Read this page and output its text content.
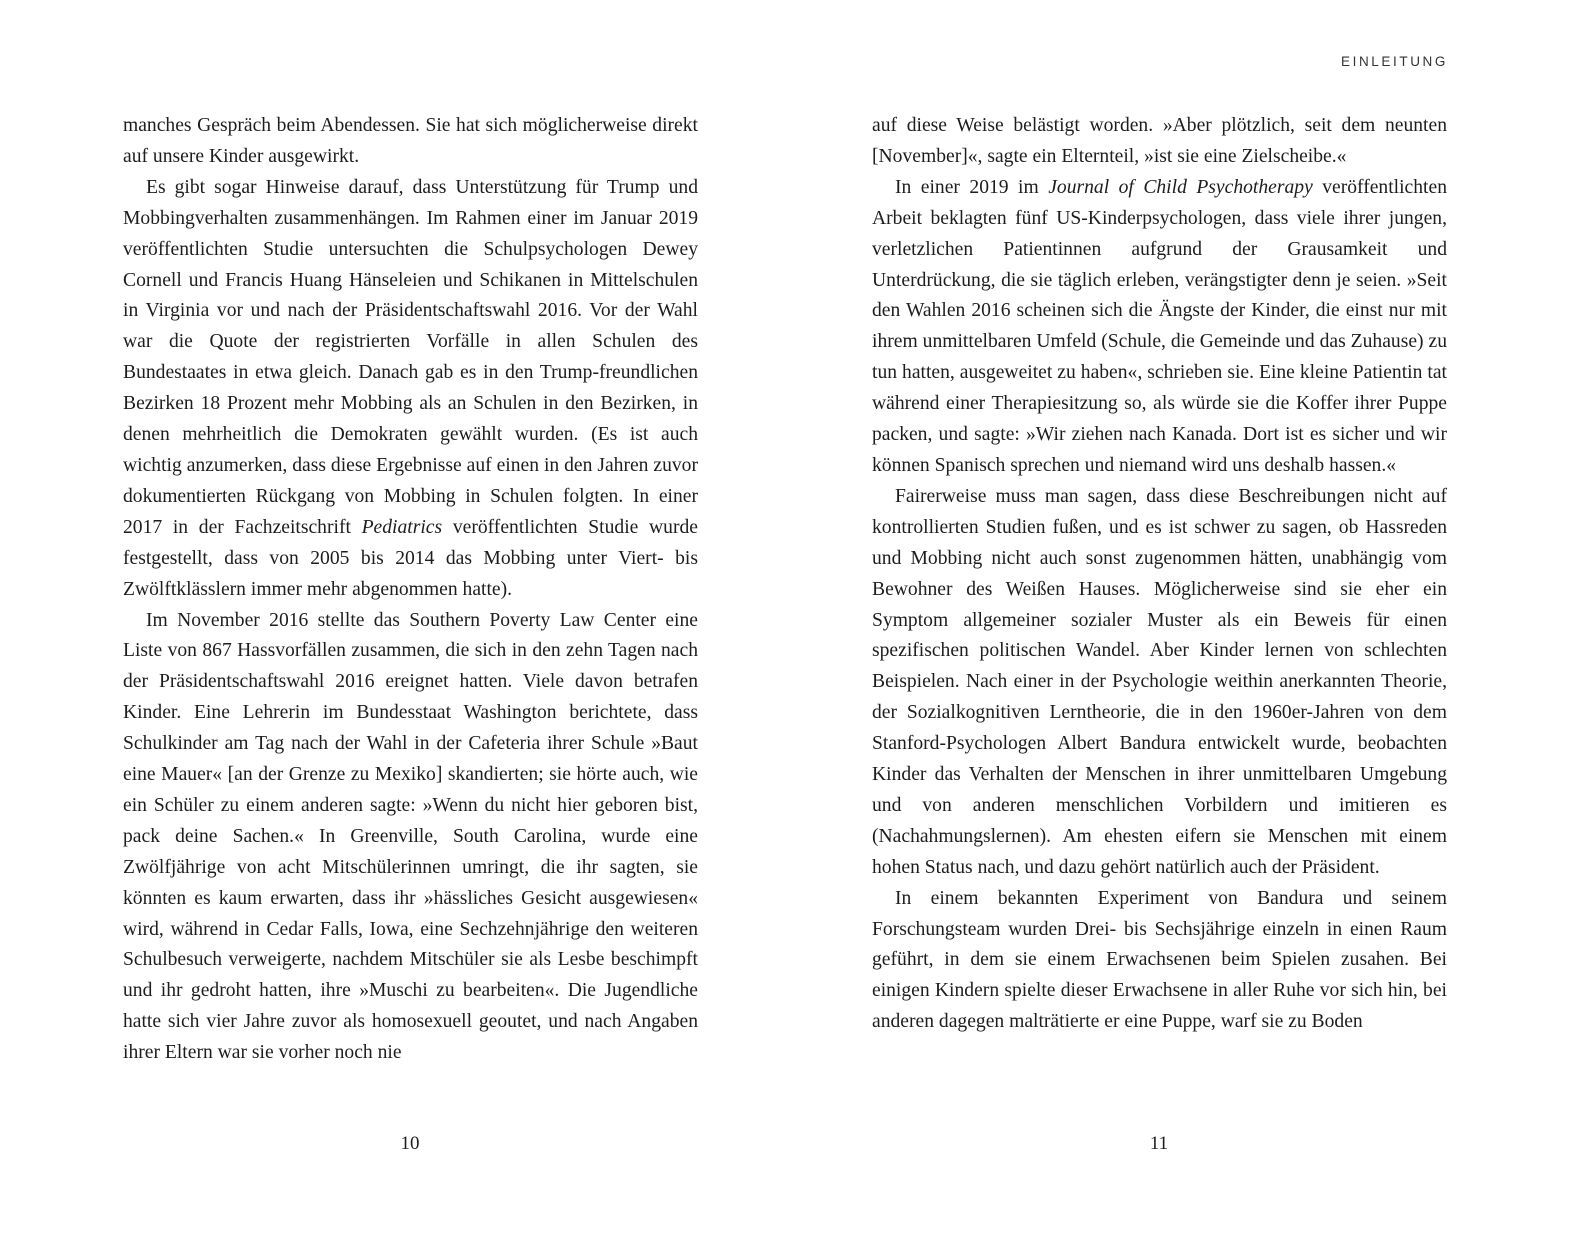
manches Gespräch beim Abendessen. Sie hat sich möglicherweise direkt auf unsere Kinder ausgewirkt.

Es gibt sogar Hinweise darauf, dass Unterstützung für Trump und Mobbingverhalten zusammenhängen. Im Rahmen einer im Januar 2019 veröffentlichten Studie untersuchten die Schulpsychologen Dewey Cornell und Francis Huang Hänseleien und Schikanen in Mittelschulen in Virginia vor und nach der Präsidentschaftswahl 2016. Vor der Wahl war die Quote der registrierten Vorfälle in allen Schulen des Bundestaates in etwa gleich. Danach gab es in den Trump-freundlichen Bezirken 18 Prozent mehr Mobbing als an Schulen in den Bezirken, in denen mehrheitlich die Demokraten gewählt wurden. (Es ist auch wichtig anzumerken, dass diese Ergebnisse auf einen in den Jahren zuvor dokumentierten Rückgang von Mobbing in Schulen folgten. In einer 2017 in der Fachzeitschrift Pediatrics veröffentlichten Studie wurde festgestellt, dass von 2005 bis 2014 das Mobbing unter Viert- bis Zwölftklässlern immer mehr abgenommen hatte).

Im November 2016 stellte das Southern Poverty Law Center eine Liste von 867 Hassvorfällen zusammen, die sich in den zehn Tagen nach der Präsidentschaftswahl 2016 ereignet hatten. Viele davon betrafen Kinder. Eine Lehrerin im Bundesstaat Washington berichtete, dass Schulkinder am Tag nach der Wahl in der Cafeteria ihrer Schule »Baut eine Mauer« [an der Grenze zu Mexiko] skandierten; sie hörte auch, wie ein Schüler zu einem anderen sagte: »Wenn du nicht hier geboren bist, pack deine Sachen.« In Greenville, South Carolina, wurde eine Zwölfjährige von acht Mitschülerinnen umringt, die ihr sagten, sie könnten es kaum erwarten, dass ihr »hässliches Gesicht ausgewiesen« wird, während in Cedar Falls, Iowa, eine Sechzehnjährige den weiteren Schulbesuch verweigerte, nachdem Mitschüler sie als Lesbe beschimpft und ihr gedroht hatten, ihre »Muschi zu bearbeiten«. Die Jugendliche hatte sich vier Jahre zuvor als homosexuell geoutet, und nach Angaben ihrer Eltern war sie vorher noch nie

10
EINLEITUNG

auf diese Weise belästigt worden. »Aber plötzlich, seit dem neunten [November]«, sagte ein Elternteil, »ist sie eine Zielscheibe.«

In einer 2019 im Journal of Child Psychotherapy veröffentlichten Arbeit beklagten fünf US-Kinderpsychologen, dass viele ihrer jungen, verletzlichen Patientinnen aufgrund der Grausamkeit und Unterdrückung, die sie täglich erleben, verängstigter denn je seien. »Seit den Wahlen 2016 scheinen sich die Ängste der Kinder, die einst nur mit ihrem unmittelbaren Umfeld (Schule, die Gemeinde und das Zuhause) zu tun hatten, ausgeweitet zu haben«, schrieben sie. Eine kleine Patientin tat während einer Therapiesitzung so, als würde sie die Koffer ihrer Puppe packen, und sagte: »Wir ziehen nach Kanada. Dort ist es sicher und wir können Spanisch sprechen und niemand wird uns deshalb hassen.«

Fairerweise muss man sagen, dass diese Beschreibungen nicht auf kontrollierten Studien fußen, und es ist schwer zu sagen, ob Hassreden und Mobbing nicht auch sonst zugenommen hätten, unabhängig vom Bewohner des Weißen Hauses. Möglicherweise sind sie eher ein Symptom allgemeiner sozialer Muster als ein Beweis für einen spezifischen politischen Wandel. Aber Kinder lernen von schlechten Beispielen. Nach einer in der Psychologie weithin anerkannten Theorie, der Sozialkognitiven Lerntheorie, die in den 1960er-Jahren von dem Stanford-Psychologen Albert Bandura entwickelt wurde, beobachten Kinder das Verhalten der Menschen in ihrer unmittelbaren Umgebung und von anderen menschlichen Vorbildern und imitieren es (Nachahmungslernen). Am ehesten eifern sie Menschen mit einem hohen Status nach, und dazu gehört natürlich auch der Präsident.

In einem bekannten Experiment von Bandura und seinem Forschungsteam wurden Drei- bis Sechsjährige einzeln in einen Raum geführt, in dem sie einem Erwachsenen beim Spielen zusahen. Bei einigen Kindern spielte dieser Erwachsene in aller Ruhe vor sich hin, bei anderen dagegen malträtierte er eine Puppe, warf sie zu Boden

11
